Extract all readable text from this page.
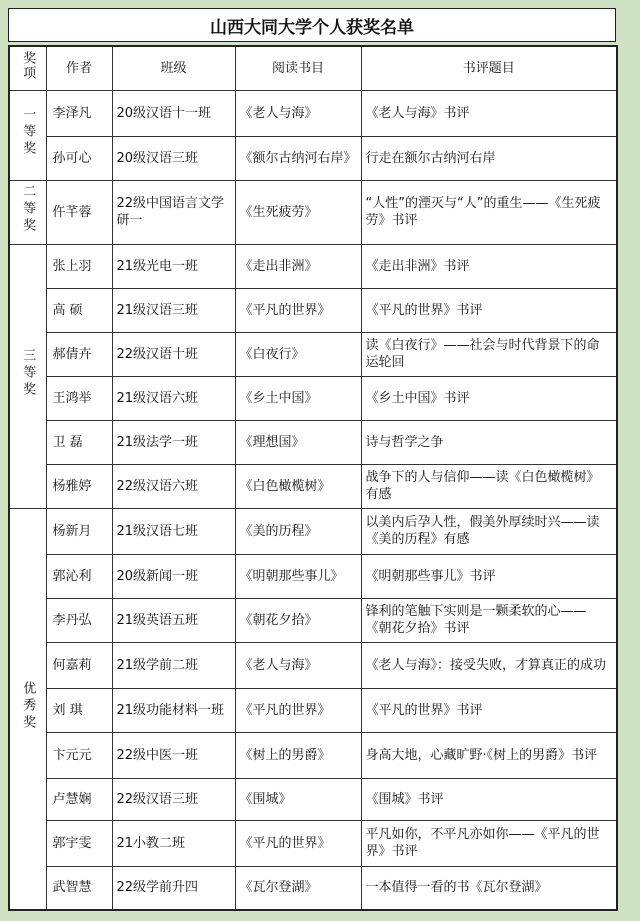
山西大同大学个人获奖名单
奖项	作者	班级	阅读书目	书评题目
一等奖	李泽凡	20级汉语十一班	《老人与海》	《老人与海》书评
	孙可心	20级汉语三班	《额尔古纳河右岸》	行走在额尔古纳河右岸
二等奖	仵芊蓉	22级中国语言文学研一	《生死疲劳》	“人性”的湮灭与“人”的重生——《生死疲劳》书评
三等奖	张上羽	21级光电一班	《走出非洲》	《走出非洲》书评
	高 硕	21级汉语三班	《平凡的世界》	《平凡的世界》书评
	郝倩卉	22级汉语十班	《白夜行》	读《白夜行》——社会与时代背景下的命运轮回
	王鸿举	21级汉语六班	《乡土中国》	《乡土中国》书评
	卫 磊	21级法学一班	《理想国》	诗与哲学之争
	杨雅婷	22级汉语六班	《白色橄榄树》	战争下的人与信仰——读《白色橄榄树》有感
优秀奖	杨新月	21级汉语七班	《美的历程》	以美内后孕人性，假美外厚续时兴——读《美的历程》有感
	郭沁利	20级新闻一班	《明朝那些事儿》	《明朝那些事儿》书评
	李丹弘	21级英语五班	《朝花夕拾》	锋利的笔触下实则是一颗柔软的心——《朝花夕拾》书评
	何嘉莉	21级学前二班	《老人与海》	《老人与海》：接受失败，才算真正的成功
	刘 琪	21级功能材料一班	《平凡的世界》	《平凡的世界》书评
	卞元元	22级中医一班	《树上的男爵》	身高大地，心藏旷野·《树上的男爵》书评
	卢慧娴	22级汉语三班	《围城》	《围城》书评
	郭宇雯	21小教二班	《平凡的世界》	平凡如你，不平凡亦如你——《平凡的世界》书评
	武智慧	22级学前升四	《瓦尔登湖》	一本值得一看的书《瓦尔登湖》
